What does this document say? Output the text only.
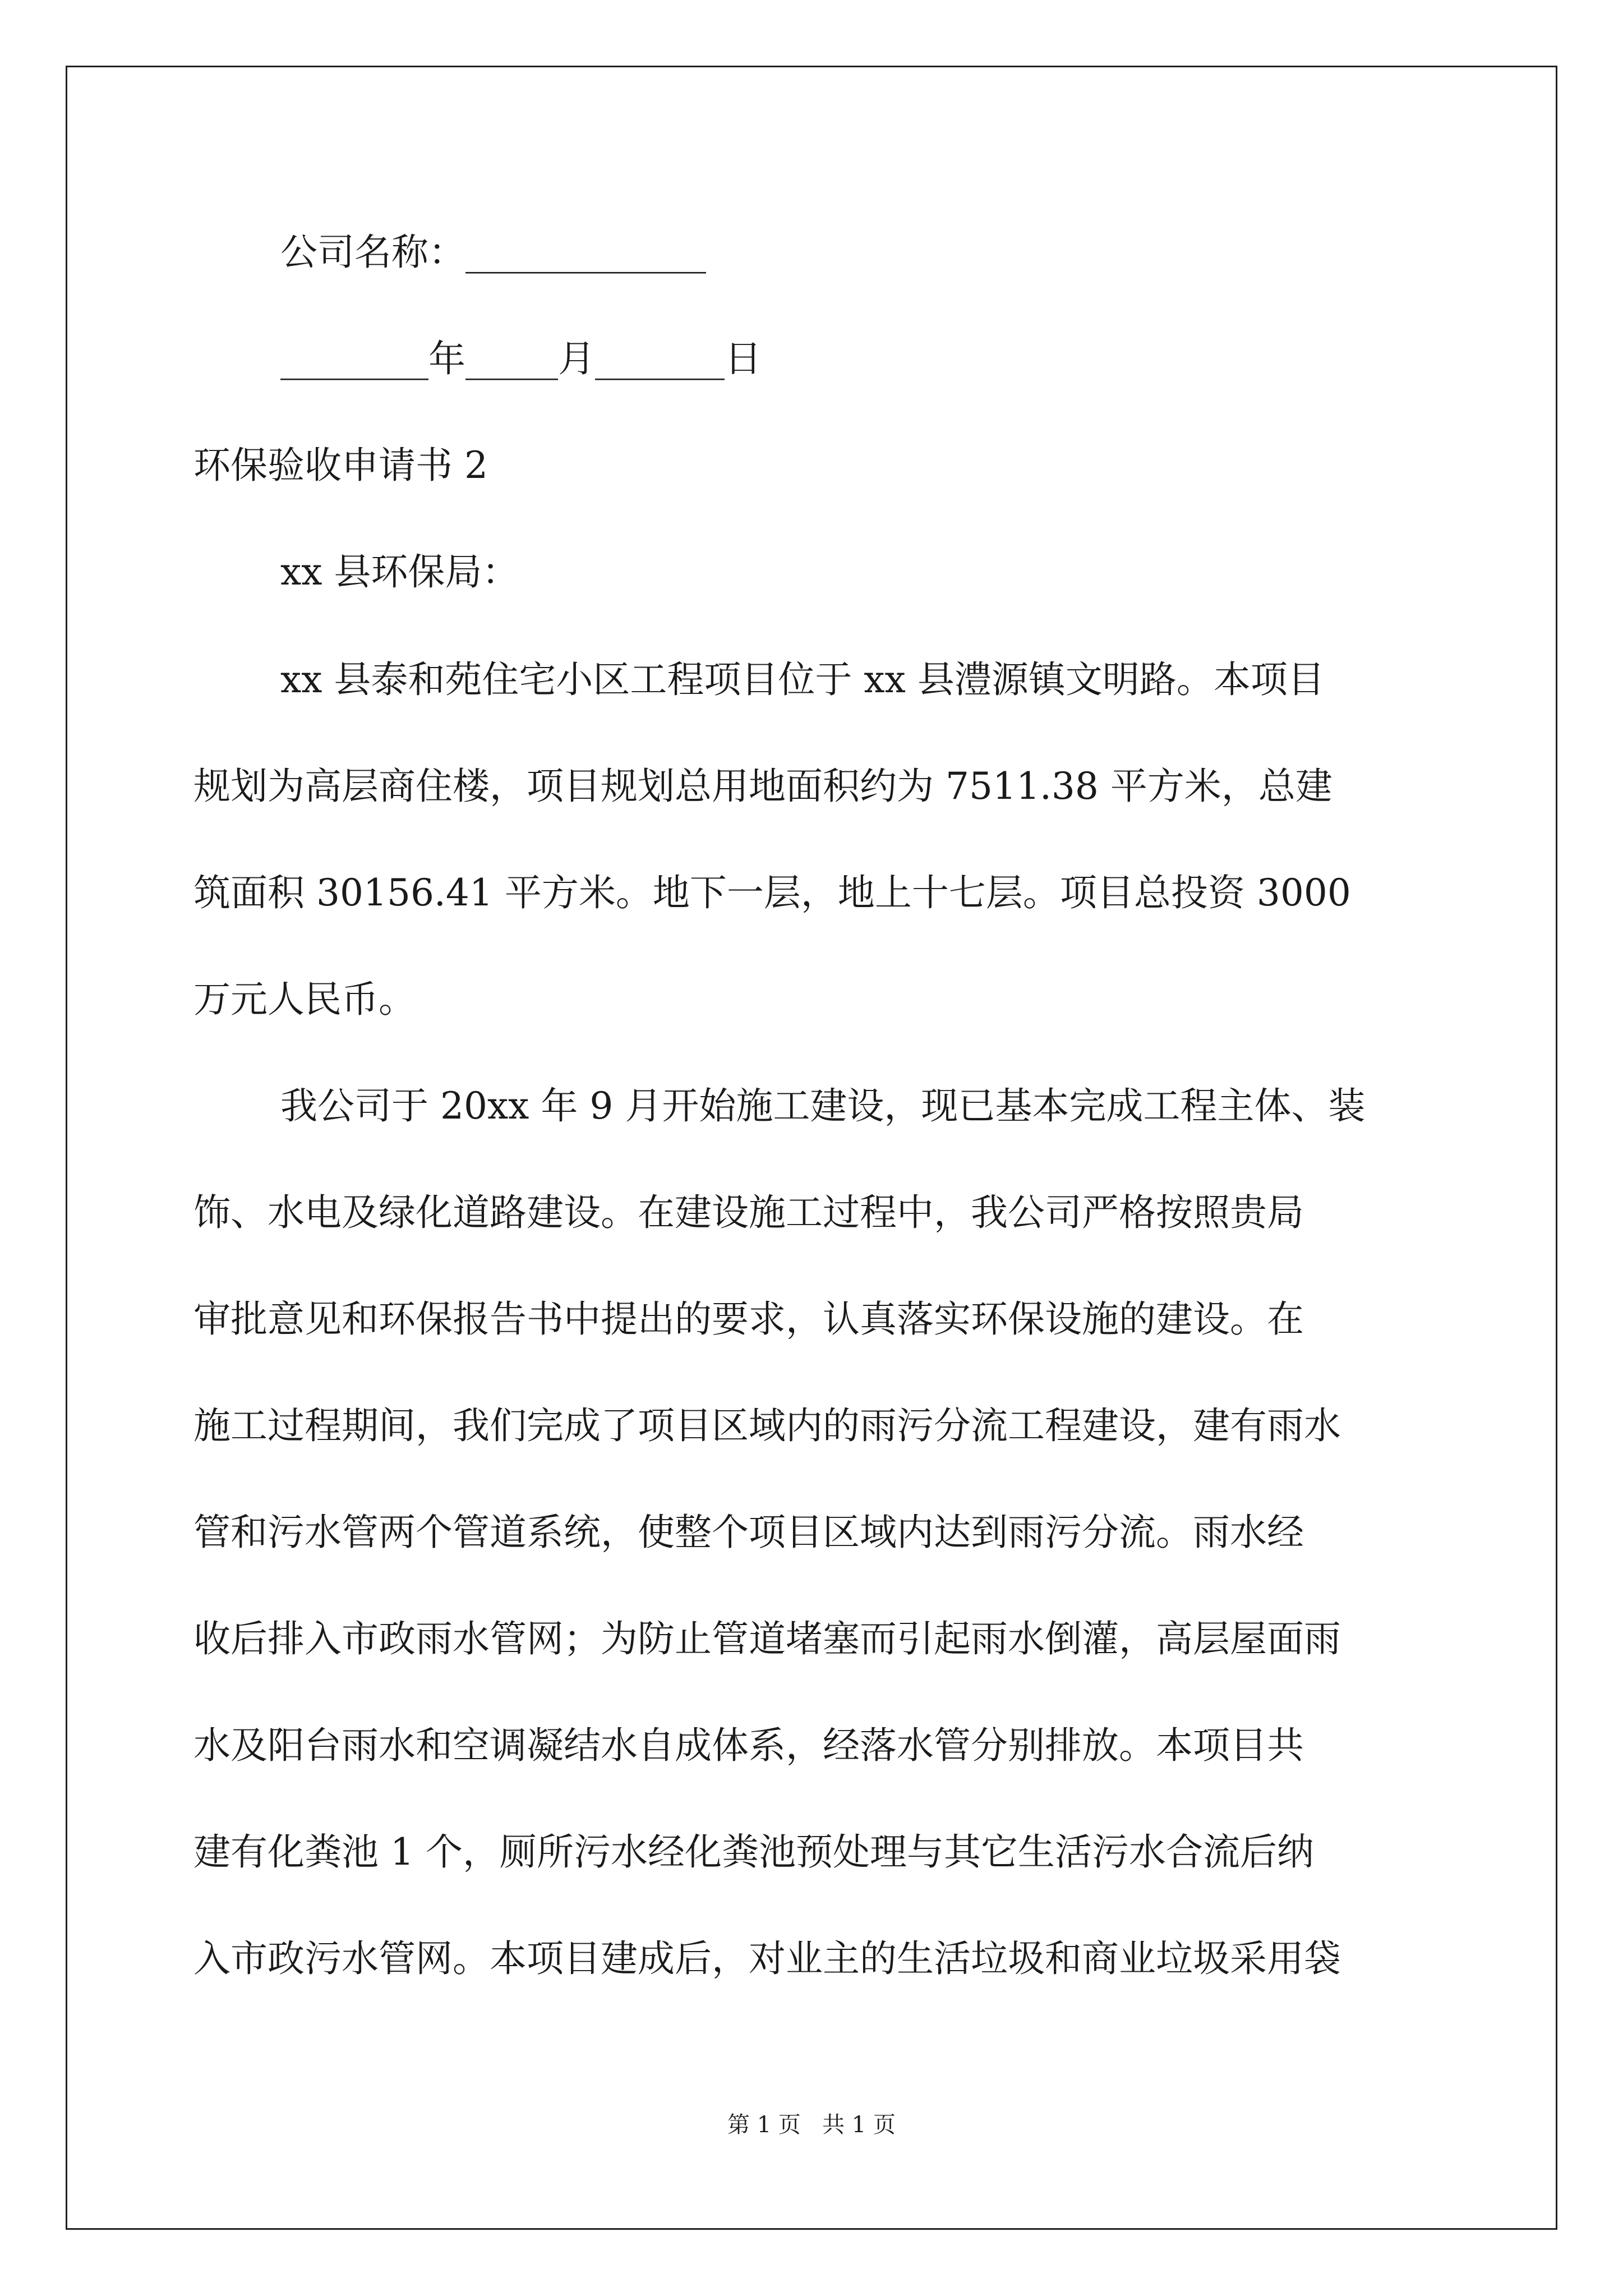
公司名称：_____________

________年_____月_______日

环保验收申请书 2

xx 县环保局：

xx 县泰和苑住宅小区工程项目位于 xx 县澧源镇文明路。本项目

规划为高层商住楼，项目规划总用地面积约为 7511.38 平方米，总建

筑面积 30156.41 平方米。地下一层，地上十七层。项目总投资 3000

万元人民币。

我公司于 20xx 年 9 月开始施工建设，现已基本完成工程主体、装

饰、水电及绿化道路建设。在建设施工过程中，我公司严格按照贵局

审批意见和环保报告书中提出的要求，认真落实环保设施的建设。在

施工过程期间，我们完成了项目区域内的雨污分流工程建设，建有雨水

管和污水管两个管道系统，使整个项目区域内达到雨污分流。雨水经

收后排入市政雨水管网；为防止管道堵塞而引起雨水倒灌，高层屋面雨

水及阳台雨水和空调凝结水自成体系，经落水管分别排放。本项目共

建有化粪池 1 个，厕所污水经化粪池预处理与其它生活污水合流后纳

入市政污水管网。本项目建成后，对业主的生活垃圾和商业垃圾采用袋

第 1 页   共 1 页
